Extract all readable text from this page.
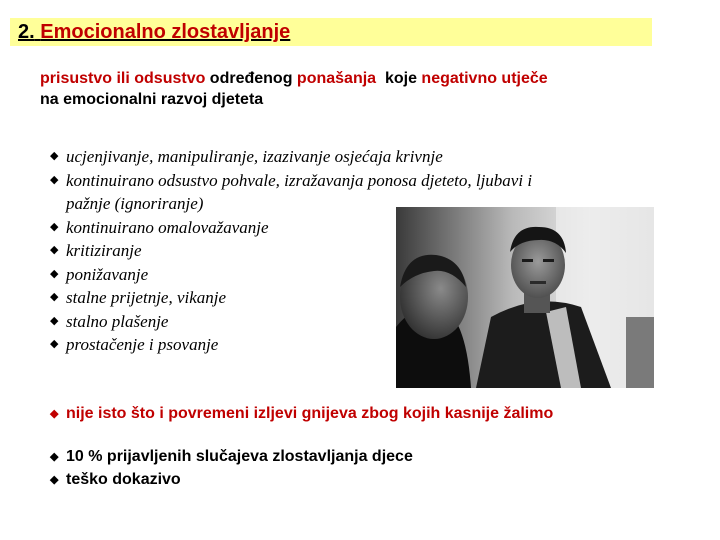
2. Emocionalno zlostavljanje
prisustvo ili odsustvo određenog ponašanja  koje negativno utječe
na emocionalni razvoj djeteta
◆ ucjenjivanje, manipuliranje, izazivanje osjećaja krivnje
◆ kontinuirano odsustvo pohvale, izražavanja ponosa djeteto, ljubavi i
pažnje (ignoriranje)
◆ kontinuirano omalovažavanje
◆ kritiziranje
◆ ponižavanje
◆ stalne prijetnje, vikanje
◆ stalno plašenje
◆ prostačenje i psovanje
◆ nije isto što i povremeni izljevi gnijeva zbog kojih kasnije žalimo
◆ 10 % prijavljenih slučajeva zlostavljanja djece
◆ teško dokazivo
